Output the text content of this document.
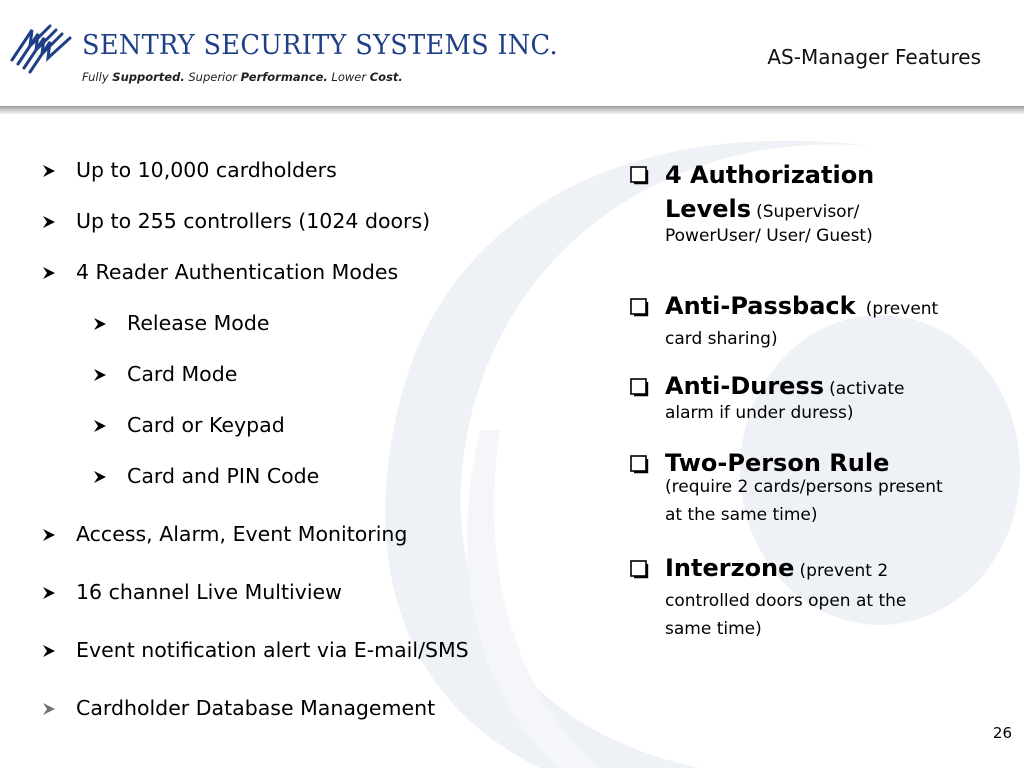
SENTRY SECURITY SYSTEMS INC.
Fully Supported. Superior Performance. Lower Cost.
AS-Manager Features
Up to 10,000 cardholders
Up to 255 controllers (1024 doors)
4 Reader Authentication Modes
Release Mode
Card Mode
Card or Keypad
Card and PIN Code
Access, Alarm, Event Monitoring
16 channel Live Multiview
Event notification alert via E-mail/SMS
Cardholder Database Management
4 Authorization
Levels (Supervisor/
PowerUser/ User/ Guest)
Anti-Passback (prevent
card sharing)
Anti-Duress (activate
alarm if under duress)
Two-Person Rule
(require 2 cards/persons present
at the same time)
Interzone (prevent 2
controlled doors open at the
same time)
26
